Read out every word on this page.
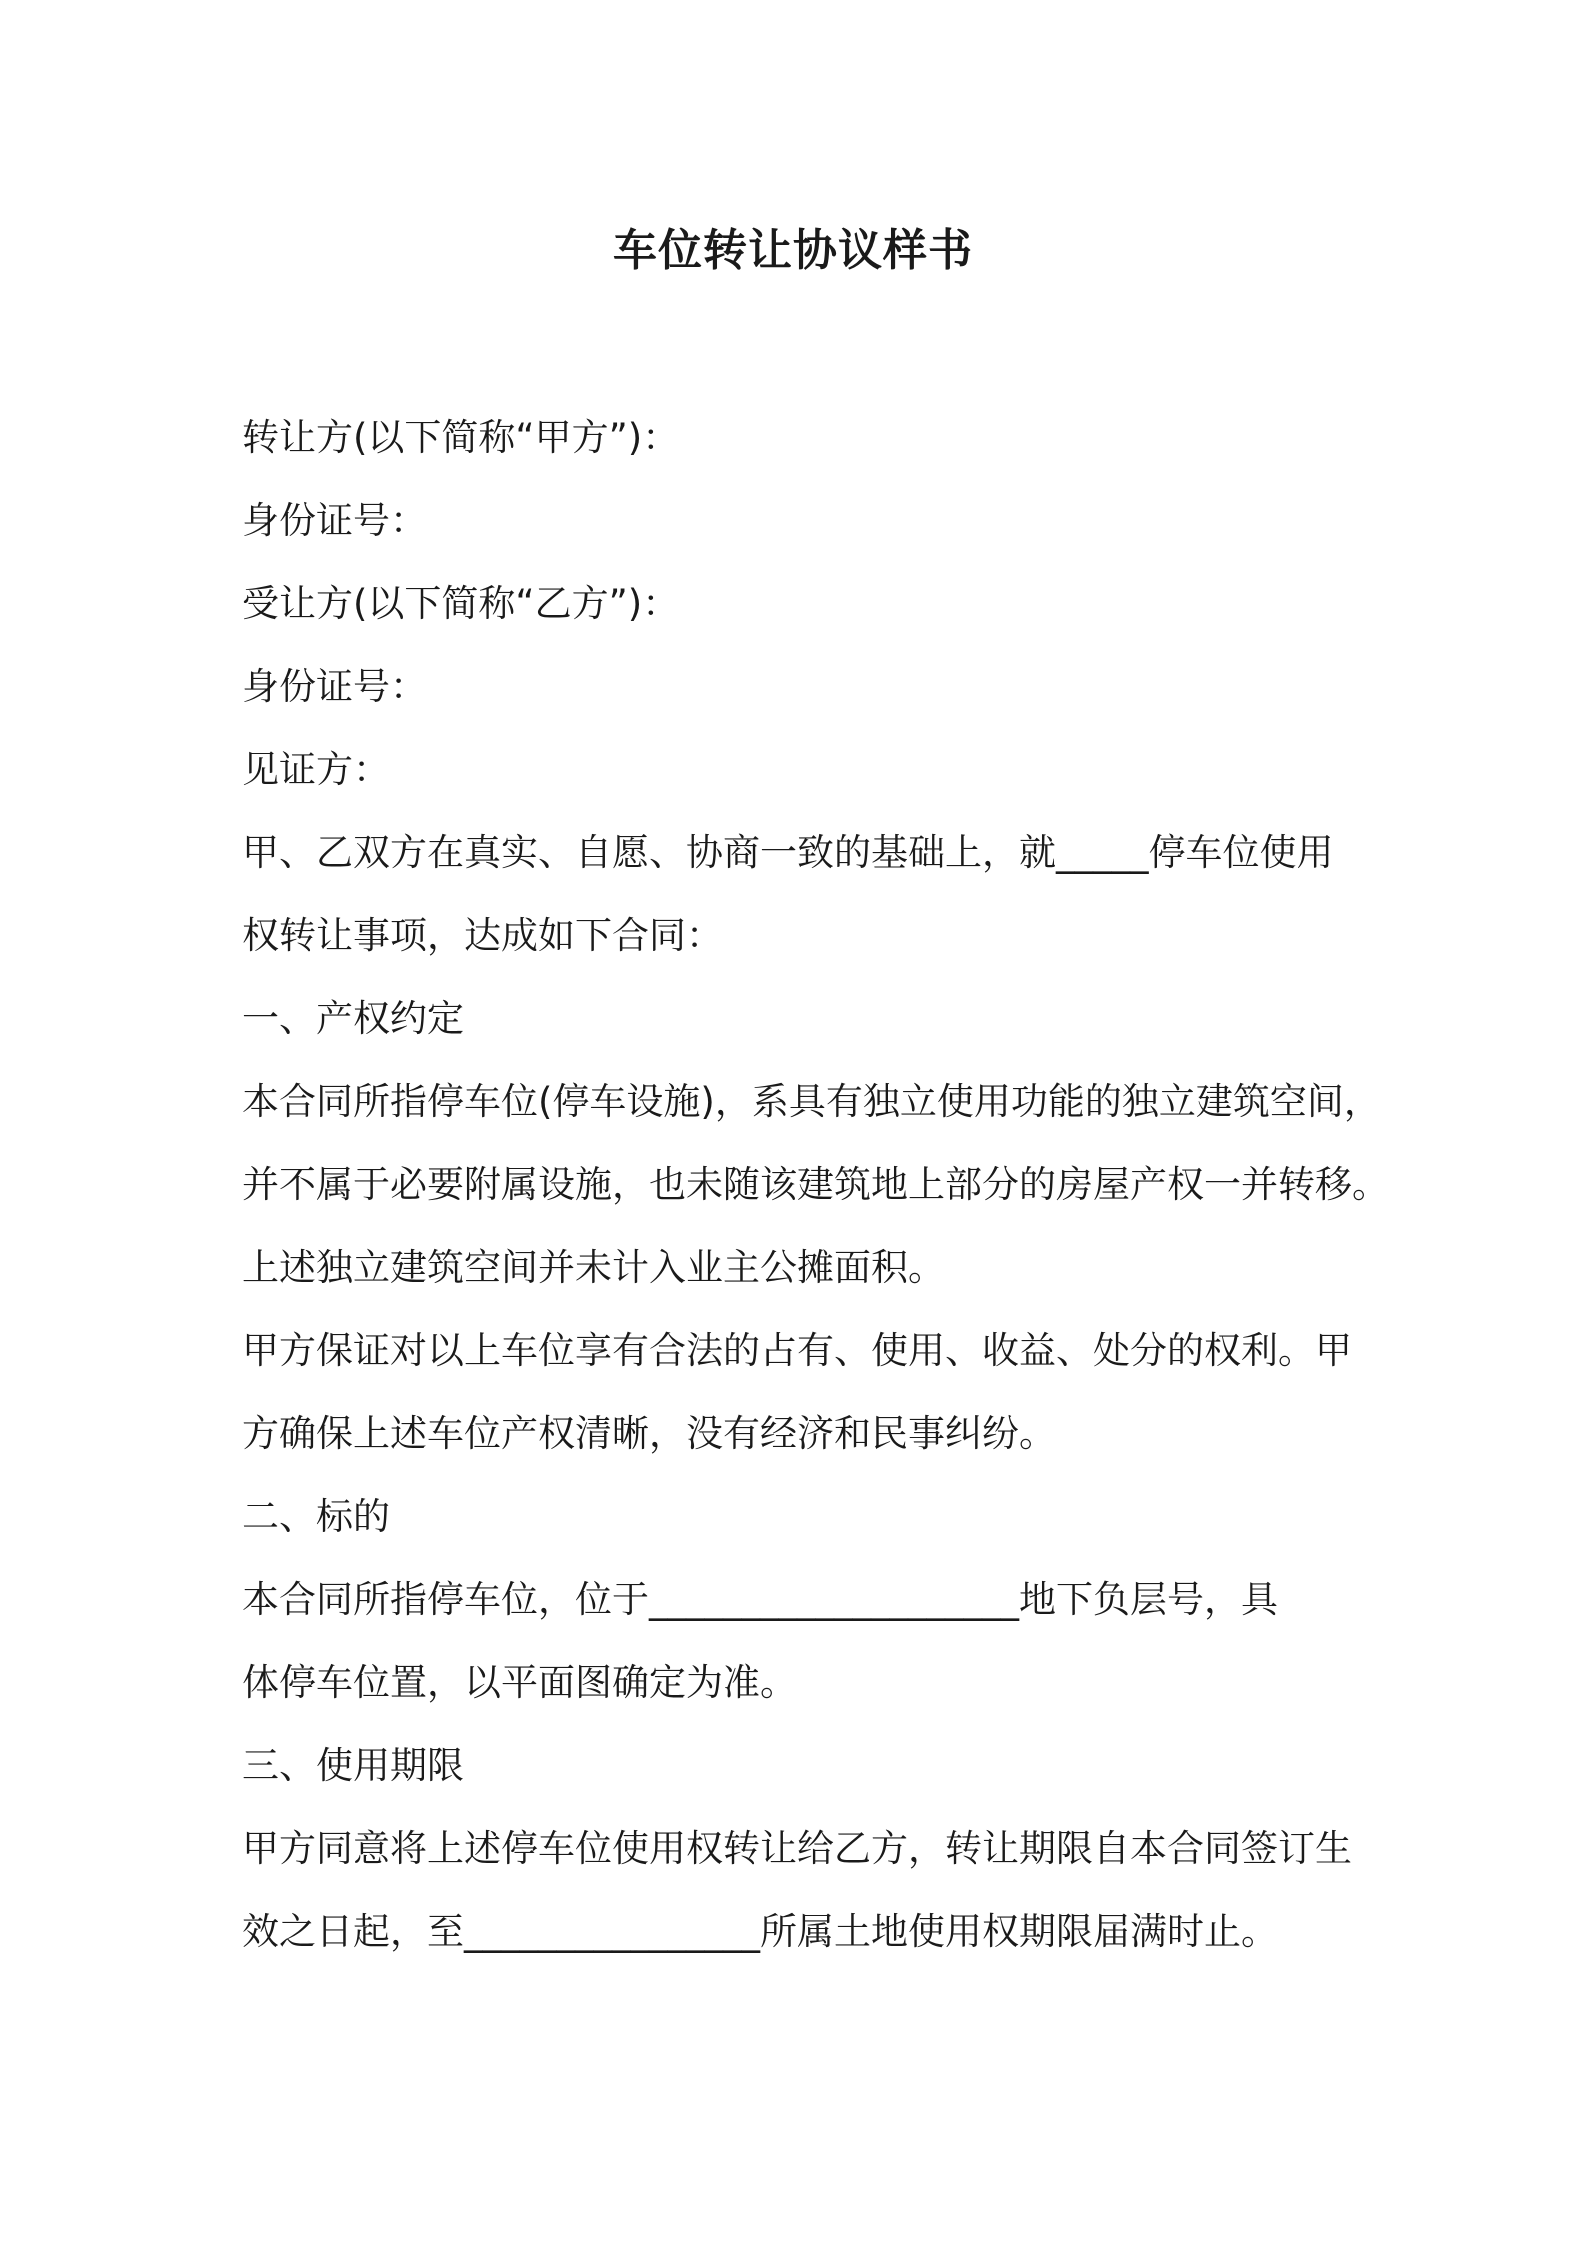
车位转让协议样书

转让方(以下简称“甲方”)：

身份证号：

受让方(以下简称“乙方”)：

身份证号：

见证方：

甲、乙双方在真实、自愿、协商一致的基础上，就_____停车位使用

权转让事项，达成如下合同：

一、产权约定

本合同所指停车位(停车设施)，系具有独立使用功能的独立建筑空间，

并不属于必要附属设施，也未随该建筑地上部分的房屋产权一并转移。

上述独立建筑空间并未计入业主公摊面积。

甲方保证对以上车位享有合法的占有、使用、收益、处分的权利。甲

方确保上述车位产权清晰，没有经济和民事纠纷。

二、标的

本合同所指停车位，位于____________________地下负层号，具

体停车位置，以平面图确定为准。

三、使用期限

甲方同意将上述停车位使用权转让给乙方，转让期限自本合同签订生

效之日起，至________________所属土地使用权期限届满时止。
